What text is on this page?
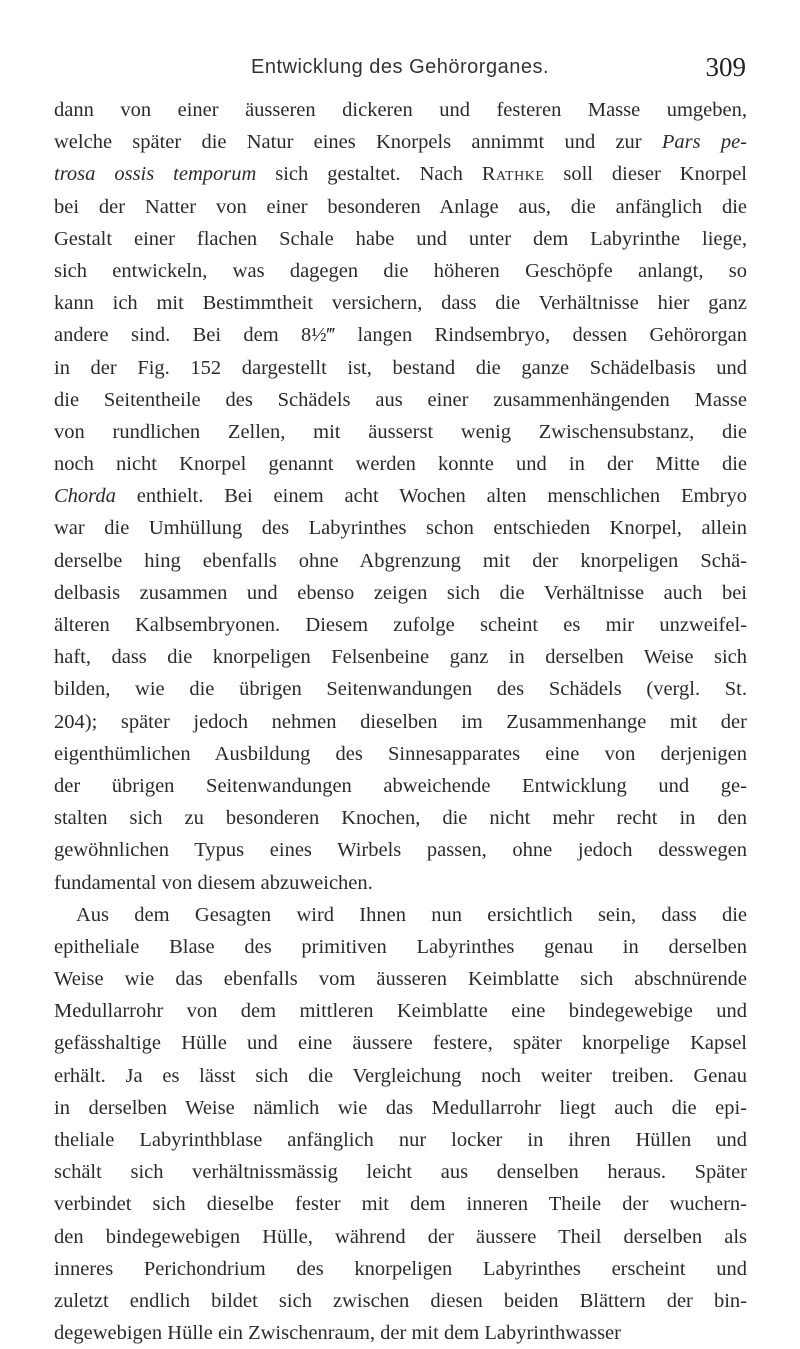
Entwicklung des Gehörorganes.	309
dann von einer äusseren dickeren und festeren Masse umgeben,
welche später die Natur eines Knorpels annimmt und zur Pars pe-
trosa ossis temporum sich gestaltet. Nach Rathke soll dieser Knorpel
bei der Natter von einer besonderen Anlage aus, die anfänglich die
Gestalt einer flachen Schale habe und unter dem Labyrinthe liege,
sich entwickeln, was dagegen die höheren Geschöpfe anlangt, so
kann ich mit Bestimmtheit versichern, dass die Verhältnisse hier ganz
andere sind. Bei dem 8½‴ langen Rindsembryo, dessen Gehörorgan
in der Fig. 152 dargestellt ist, bestand die ganze Schädelbasis und
die Seitentheile des Schädels aus einer zusammenhängenden Masse
von rundlichen Zellen, mit äusserst wenig Zwischensubstanz, die
noch nicht Knorpel genannt werden konnte und in der Mitte die
Chorda enthielt. Bei einem acht Wochen alten menschlichen Embryo
war die Umhüllung des Labyrinthes schon entschieden Knorpel, allein
derselbe hing ebenfalls ohne Abgrenzung mit der knorpeligen Schä-
delbasis zusammen und ebenso zeigen sich die Verhältnisse auch bei
älteren Kalbsembryonen. Diesem zufolge scheint es mir unzweifel-
haft, dass die knorpeligen Felsenbeine ganz in derselben Weise sich
bilden, wie die übrigen Seitenwandungen des Schädels (vergl. St.
204); später jedoch nehmen dieselben im Zusammenhange mit der
eigenthümlichen Ausbildung des Sinnesapparates eine von derjenigen
der übrigen Seitenwandungen abweichende Entwicklung und ge-
stalten sich zu besonderen Knochen, die nicht mehr recht in den
gewöhnlichen Typus eines Wirbels passen, ohne jedoch desswegen
fundamental von diesem abzuweichen.
Aus dem Gesagten wird Ihnen nun ersichtlich sein, dass die
epitheliale Blase des primitiven Labyrinthes genau in derselben
Weise wie das ebenfalls vom äusseren Keimblatte sich abschnürende
Medullarrohr von dem mittleren Keimblatte eine bindegewebige und
gefässhaltige Hülle und eine äussere festere, später knorpelige Kapsel
erhält. Ja es lässt sich die Vergleichung noch weiter treiben. Genau
in derselben Weise nämlich wie das Medullarrohr liegt auch die epi-
theliale Labyrinthblase anfänglich nur locker in ihren Hüllen und
schält sich verhältnissmässig leicht aus denselben heraus. Später
verbindet sich dieselbe fester mit dem inneren Theile der wuchern-
den bindegewebigen Hülle, während der äussere Theil derselben als
inneres Perichondrium des knorpeligen Labyrinthes erscheint und
zuletzt endlich bildet sich zwischen diesen beiden Blättern der bin-
degewebigen Hülle ein Zwischenraum, der mit dem Labyrinthwasser
